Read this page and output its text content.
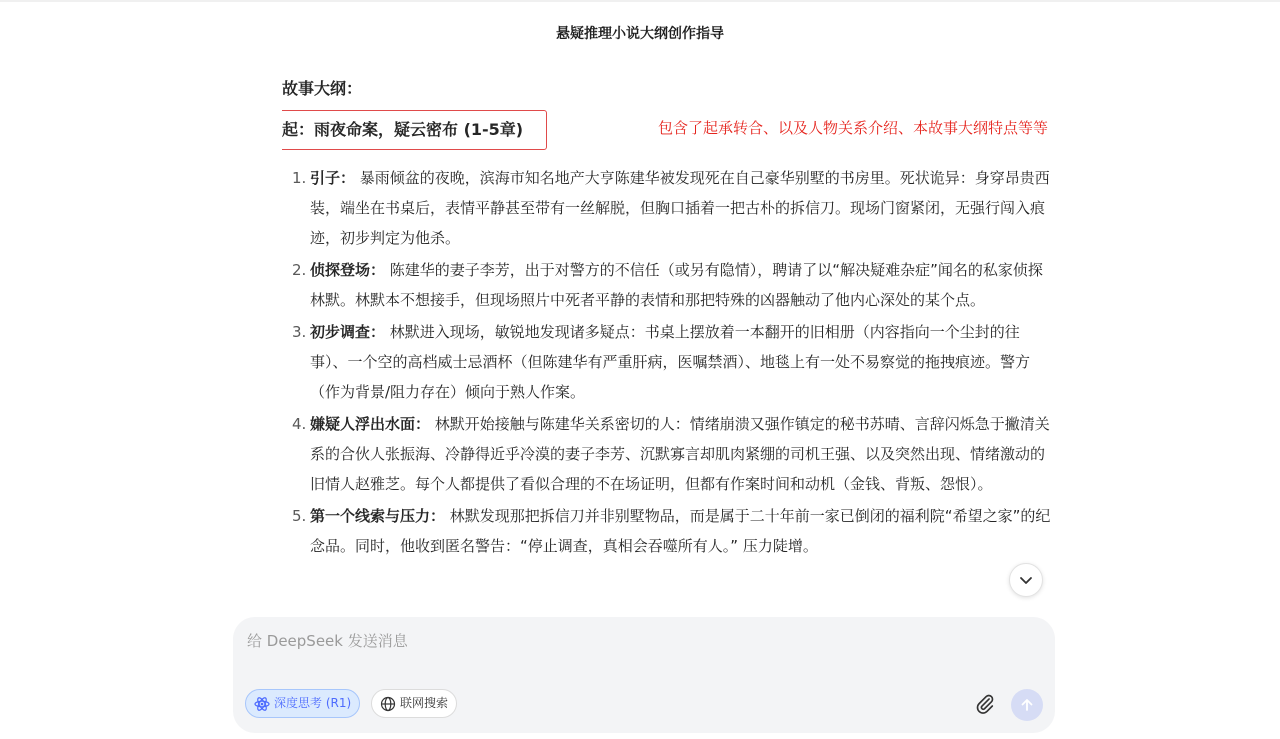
悬疑推理小说大纲创作指导
故事大纲：
起：雨夜命案，疑云密布 (1-5章)	包含了起承转合、以及人物关系介绍、本故事大纲特点等等
1. 引子： 暴雨倾盆的夜晚，滨海市知名地产大亨陈建华被发现死在自己豪华别墅的书房里。死状诡异：身穿昂贵西装，端坐在书桌后，表情平静甚至带有一丝解脱，但胸口插着一把古朴的拆信刀。现场门窗紧闭，无强行闯入痕迹，初步判定为他杀。
2. 侦探登场： 陈建华的妻子李芳，出于对警方的不信任（或另有隐情），聘请了以“解决疑难杂症”闻名的私家侦探林默。林默本不想接手，但现场照片中死者平静的表情和那把特殊的凶器触动了他内心深处的某个点。
3. 初步调查： 林默进入现场，敏锐地发现诸多疑点：书桌上摆放着一本翻开的旧相册（内容指向一个尘封的往事）、一个空的高档威士忌酒杯（但陈建华有严重肝病，医嘱禁酒）、地毯上有一处不易察觉的拖拽痕迹。警方（作为背景/阻力存在）倾向于熟人作案。
4. 嫌疑人浮出水面： 林默开始接触与陈建华关系密切的人：情绪崩溃又强作镇定的秘书苏晴、言辞闪烁急于撇清关系的合伙人张振海、冷静得近乎冷漠的妻子李芳、沉默寡言却肌肉紧绷的司机王强、以及突然出现、情绪激动的旧情人赵雅芝。每个人都提供了看似合理的不在场证明，但都有作案时间和动机（金钱、背叛、怨恨）。
5. 第一个线索与压力： 林默发现那把拆信刀并非别墅物品，而是属于二十年前一家已倒闭的福利院“希望之家”的纪念品。同时，他收到匿名警告：“停止调查，真相会吞噬所有人。” 压力陡增。
给 DeepSeek 发送消息
深度思考 (R1)	联网搜索
